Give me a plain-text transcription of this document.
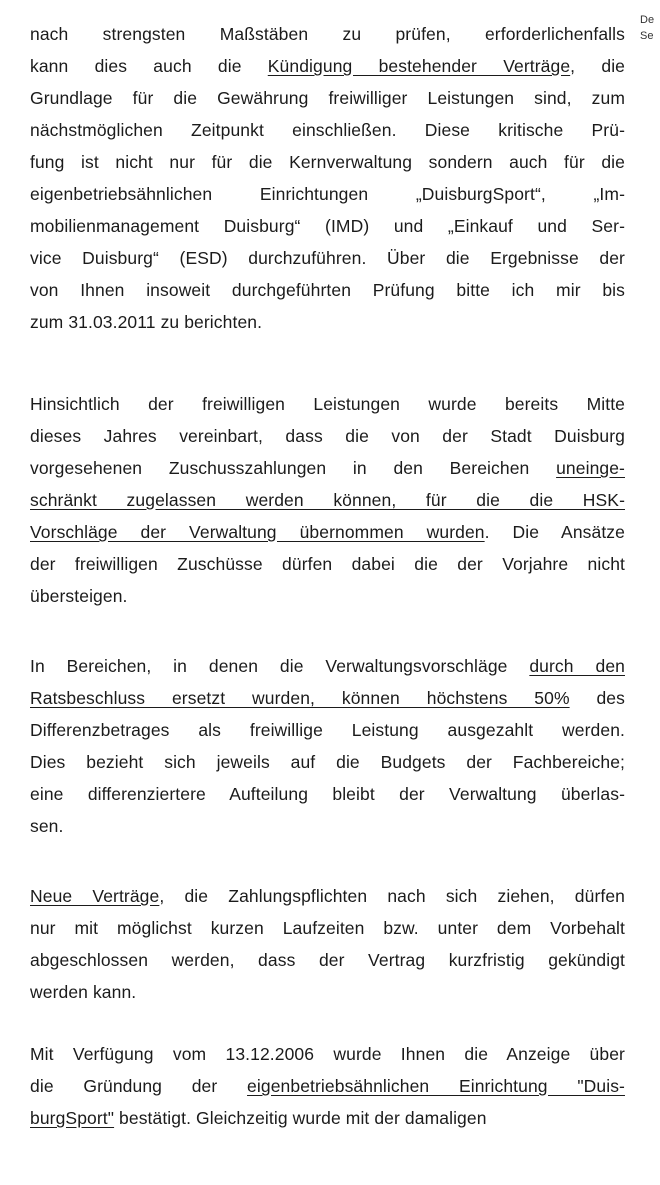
De
Se
nach strengsten Maßstäben zu prüfen, erforderlichenfalls
kann dies auch die Kündigung bestehender Verträge, die
Grundlage für die Gewährung freiwilliger Leistungen sind, zum
nächstmöglichen Zeitpunkt einschließen. Diese kritische Prü-
fung ist nicht nur für die Kernverwaltung sondern auch für die
eigenbetriebsähnlichen Einrichtungen „DuisburgSport“, „Im-
mobilienmanagement Duisburg“ (IMD) und „Einkauf und Ser-
vice Duisburg“ (ESD) durchzuführen. Über die Ergebnisse der
von Ihnen insoweit durchgeführten Prüfung bitte ich mir bis
zum 31.03.2011 zu berichten.
Hinsichtlich der freiwilligen Leistungen wurde bereits Mitte
dieses Jahres vereinbart, dass die von der Stadt Duisburg
vorgesehenen Zuschusszahlungen in den Bereichen uneinge-
schränkt zugelassen werden können, für die die HSK-
Vorschläge der Verwaltung übernommen wurden. Die Ansätze
der freiwilligen Zuschüsse dürfen dabei die der Vorjahre nicht
übersteigen.
In Bereichen, in denen die Verwaltungsvorschläge durch den
Ratsbeschluss ersetzt wurden, können höchstens 50% des
Differenzbetrages als freiwillige Leistung ausgezahlt werden.
Dies bezieht sich jeweils auf die Budgets der Fachbereiche;
eine differenziertere Aufteilung bleibt der Verwaltung überlas-
sen.
Neue Verträge, die Zahlungspflichten nach sich ziehen, dürfen
nur mit möglichst kurzen Laufzeiten bzw. unter dem Vorbehalt
abgeschlossen werden, dass der Vertrag kurzfristig gekündigt
werden kann.
Mit Verfügung vom 13.12.2006 wurde Ihnen die Anzeige über
die Gründung der eigenbetriebsähnlichen Einrichtung "Duis-
burgSport" bestätigt. Gleichzeitig wurde mit der damaligen
